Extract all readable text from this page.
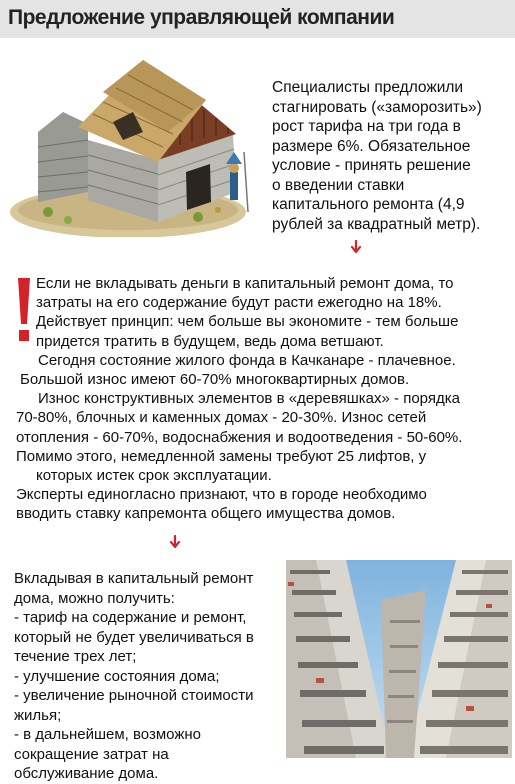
Предложение управляющей компании
Специалисты предложили
стагнировать («заморозить»)
рост тарифа на три года в
размере 6%. Обязательное
условие - принять решение
о введении ставки
капитального ремонта (4,9
рублей за квадратный метр).
Если не вкладывать деньги в капитальный ремонт дома, то
затраты на его содержание будут расти ежегодно на 18%.
Действует принцип: чем больше вы экономите - тем больше
придется тратить в будущем, ведь дома ветшают.
Сегодня состояние жилого фонда в Качканаре - плачевное.
Большой износ имеют 60-70% многоквартирных домов.
Износ конструктивных элементов в «деревяшках» - порядка
70-80%, блочных и каменных домах - 20-30%. Износ сетей
отопления - 60-70%, водоснабжения и водоотведения - 50-60%.
Помимо этого, немедленной замены требуют 25 лифтов, у
которых истек срок эксплуатации.
Эксперты единогласно признают, что в городе необходимо
вводить ставку капремонта общего имущества домов.
Вкладывая в капитальный ремонт
дома, можно получить:
- тариф на содержание и ремонт,
который не будет увеличиваться в
течение трех лет;
- улучшение состояния дома;
- увеличение рыночной стоимости
жилья;
- в дальнейшем, возможно
сокращение затрат на
обслуживание дома.
